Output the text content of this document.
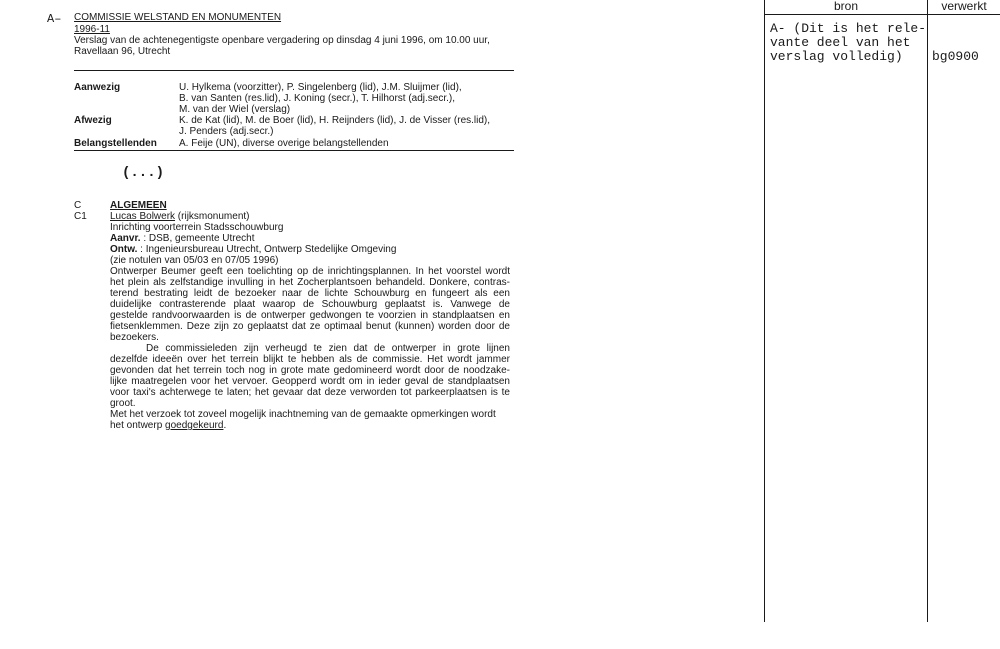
A– COMMISSIE WELSTAND EN MONUMENTEN
1996-11
Verslag van de achtenegentigste openbare vergadering op dinsdag 4 juni 1996, om 10.00 uur,
Ravellaan 96, Utrecht
Aanwezig	U. Hylkema (voorzitter), P. Singelenberg (lid), J.M. Sluijmer (lid),
B. van Santen (res.lid), J. Koning (secr.), T. Hilhorst (adj.secr.),
M. van der Wiel (verslag)
Afwezig	K. de Kat (lid), M. de Boer (lid), H. Reijnders (lid), J. de Visser (res.lid),
J. Penders (adj.secr.)
Belangstellenden A. Feije (UN), diverse overige belangstellenden
(...)
C	ALGEMEEN
C1 Lucas Bolwerk (rijksmonument)
Inrichting voorterrein Stadsschouwburg
Aanvr. : DSB, gemeente Utrecht
Ontw. : Ingenieursbureau Utrecht, Ontwerp Stedelijke Omgeving
(zie notulen van 05/03 en 07/05 1996)
Ontwerper Beumer geeft een toelichting op de inrichtingsplannen. In het voorstel wordt
het plein als zelfstandige invulling in het Zocherplantsoen behandeld. Donkere, contras-
terend bestrating leidt de bezoeker naar de lichte Schouwburg en fungeert als een
duidelijke contrasterende plaat waarop de Schouwburg geplaatst is. Vanwege de
gestelde randvoorwaarden is de ontwerper gedwongen te voorzien in standplaatsen en
fietsenklemmen. Deze zijn zo geplaatst dat ze optimaal benut (kunnen) worden door de
bezoekers.
De commissieleden zijn verheugd te zien dat de ontwerper in grote lijnen
dezelfde ideeën over het terrein blijkt te hebben als de commissie. Het wordt jammer
gevonden dat het terrein toch nog in grote mate gedomineerd wordt door de noodzake-
lijke maatregelen voor het vervoer. Geopperd wordt om in ieder geval de standplaatsen
voor taxi's achterwege te laten; het gevaar dat deze verworden tot parkeerplaatsen is te
groot.
Met het verzoek tot zoveel mogelijk inachtneming van de gemaakte opmerkingen wordt
het ontwerp goedgekeurd.
bron	verwerkt
A- (Dit is het rele-
vante deel van het
verslag volledig) bg0900
